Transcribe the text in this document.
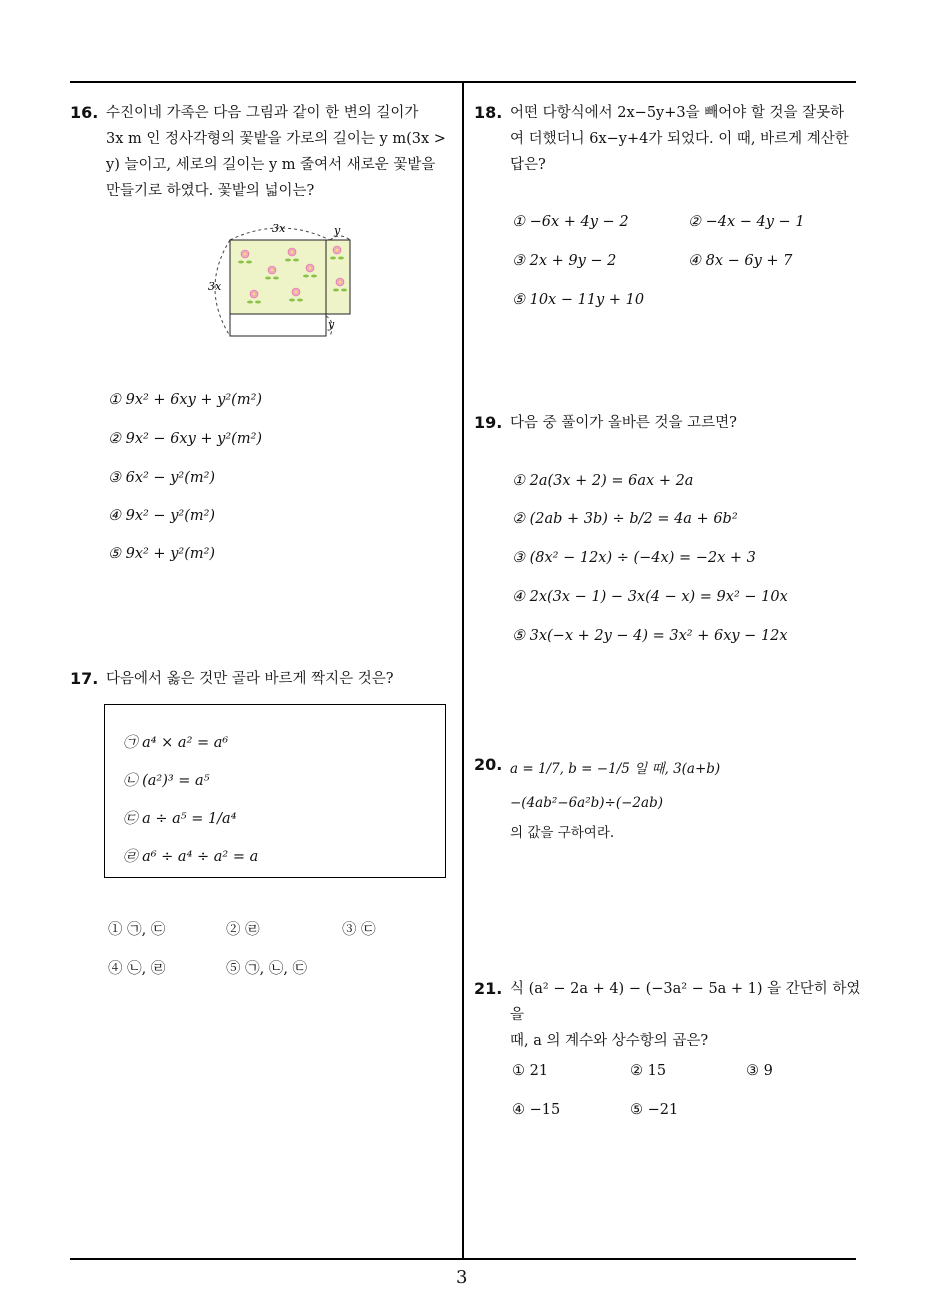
3
16. 수진이네 가족은 다음 그림과 같이 한 변의 길이가
3x m 인 정사각형의 꽃밭을 가로의 길이는 y m(3x >
y) 늘이고, 세로의 길이는 y m 줄여서 새로운 꽃밭을
만들기로 하였다. 꽃밭의 넓이는?
3x
3x
y
y
① 9x² + 6xy + y²(m²)
② 9x² − 6xy + y²(m²)
③ 6x² − y²(m²)
④ 9x² − y²(m²)
⑤ 9x² + y²(m²)
17. 다음에서 옳은 것만 골라 바르게 짝지은 것은?
㉠ a⁴ × a² = a⁶
㉡ (a²)³ = a⁵
㉢ a ÷ a⁵ = 1/a⁴
㉣ a⁶ ÷ a⁴ ÷ a² = a
① ㉠, ㉢	② ㉣	③ ㉢
④ ㉡, ㉣	⑤ ㉠, ㉡, ㉢
18. 어떤 다항식에서 2x−5y+3을 빼어야 할 것을 잘못하
여 더했더니 6x−y+4가 되었다. 이 때, 바르게 계산한
답은?
① −6x + 4y − 2	② −4x − 4y − 1
③ 2x + 9y − 2	④ 8x − 6y + 7
⑤ 10x − 11y + 10
19. 다음 중 풀이가 올바른 것을 고르면?
① 2a(3x + 2) = 6ax + 2a
② (2ab + 3b) ÷ b/2 = 4a + 6b²
③ (8x² − 12x) ÷ (−4x) = −2x + 3
④ 2x(3x − 1) − 3x(4 − x) = 9x² − 10x
⑤ 3x(−x + 2y − 4) = 3x² + 6xy − 12x
20. a = 1/7, b = −1/5 일 때, 3(a+b)−(4ab²−6a²b)÷(−2ab)
의 값을 구하여라.
21. 식 (a² − 2a + 4) − (−3a² − 5a + 1) 을 간단히 하였을
때, a 의 계수와 상수항의 곱은?
① 21	② 15	③ 9
④ −15	⑤ −21
